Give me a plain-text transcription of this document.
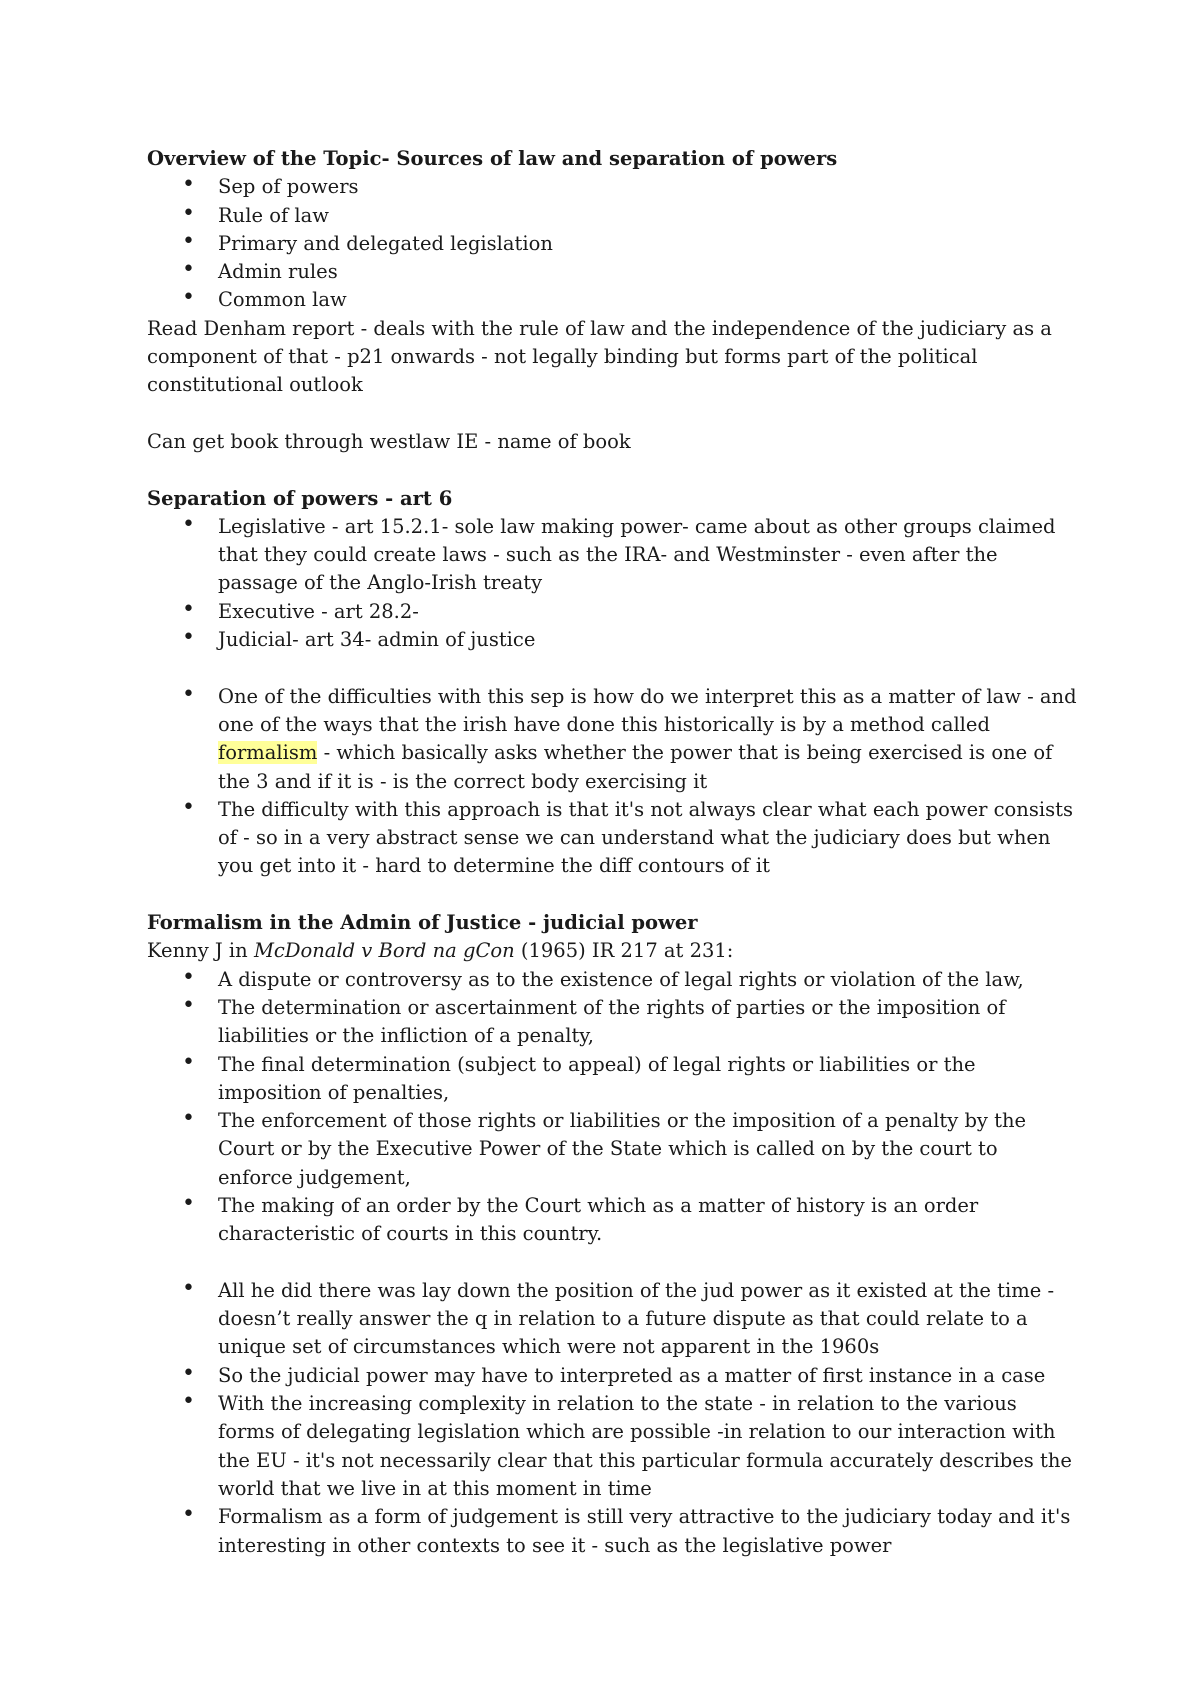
Overview of the Topic- Sources of law and separation of powers
• Sep of powers
• Rule of law
• Primary and delegated legislation
• Admin rules
• Common law

Read Denham report - deals with the rule of law and the independence of the judiciary as a component of that - p21 onwards - not legally binding but forms part of the political constitutional outlook

Can get book through westlaw IE - name of book

Separation of powers - art 6
• Legislative - art 15.2.1- sole law making power- came about as other groups claimed that they could create laws - such as the IRA- and Westminster - even after the passage of the Anglo-Irish treaty
• Executive - art 28.2-
• Judicial- art 34- admin of justice
• One of the difficulties with this sep is how do we interpret this as a matter of law - and one of the ways that the irish have done this historically is by a method called formalism - which basically asks whether the power that is being exercised is one of the 3 and if it is - is the correct body exercising it
• The difficulty with this approach is that it's not always clear what each power consists of - so in a very abstract sense we can understand what the judiciary does but when you get into it - hard to determine the diff contours of it
Formalism in the Admin of Justice - judicial power

Kenny J in McDonald v Bord na gCon (1965) IR 217 at 231:

• A dispute or controversy as to the existence of legal rights or violation of the law,
• The determination or ascertainment of the rights of parties or the imposition of liabilities or the infliction of a penalty,
• The final determination (subject to appeal) of legal rights or liabilities or the imposition of penalties,
• The enforcement of those rights or liabilities or the imposition of a penalty by the Court or by the Executive Power of the State which is called on by the court to enforce judgement,
• The making of an order by the Court which as a matter of history is an order characteristic of courts in this country.
• All he did there was lay down the position of the jud power as it existed at the time - doesn’t really answer the q in relation to a future dispute as that could relate to a unique set of circumstances which were not apparent in the 1960s
• So the judicial power may have to interpreted as a matter of first instance in a case
• With the increasing complexity in relation to the state - in relation to the various forms of delegating legislation which are possible -in relation to our interaction with the EU - it's not necessarily clear that this particular formula accurately describes the world that we live in at this moment in time
• Formalism as a form of judgement is still very attractive to the judiciary today and it's interesting in other contexts to see it - such as the legislative power
